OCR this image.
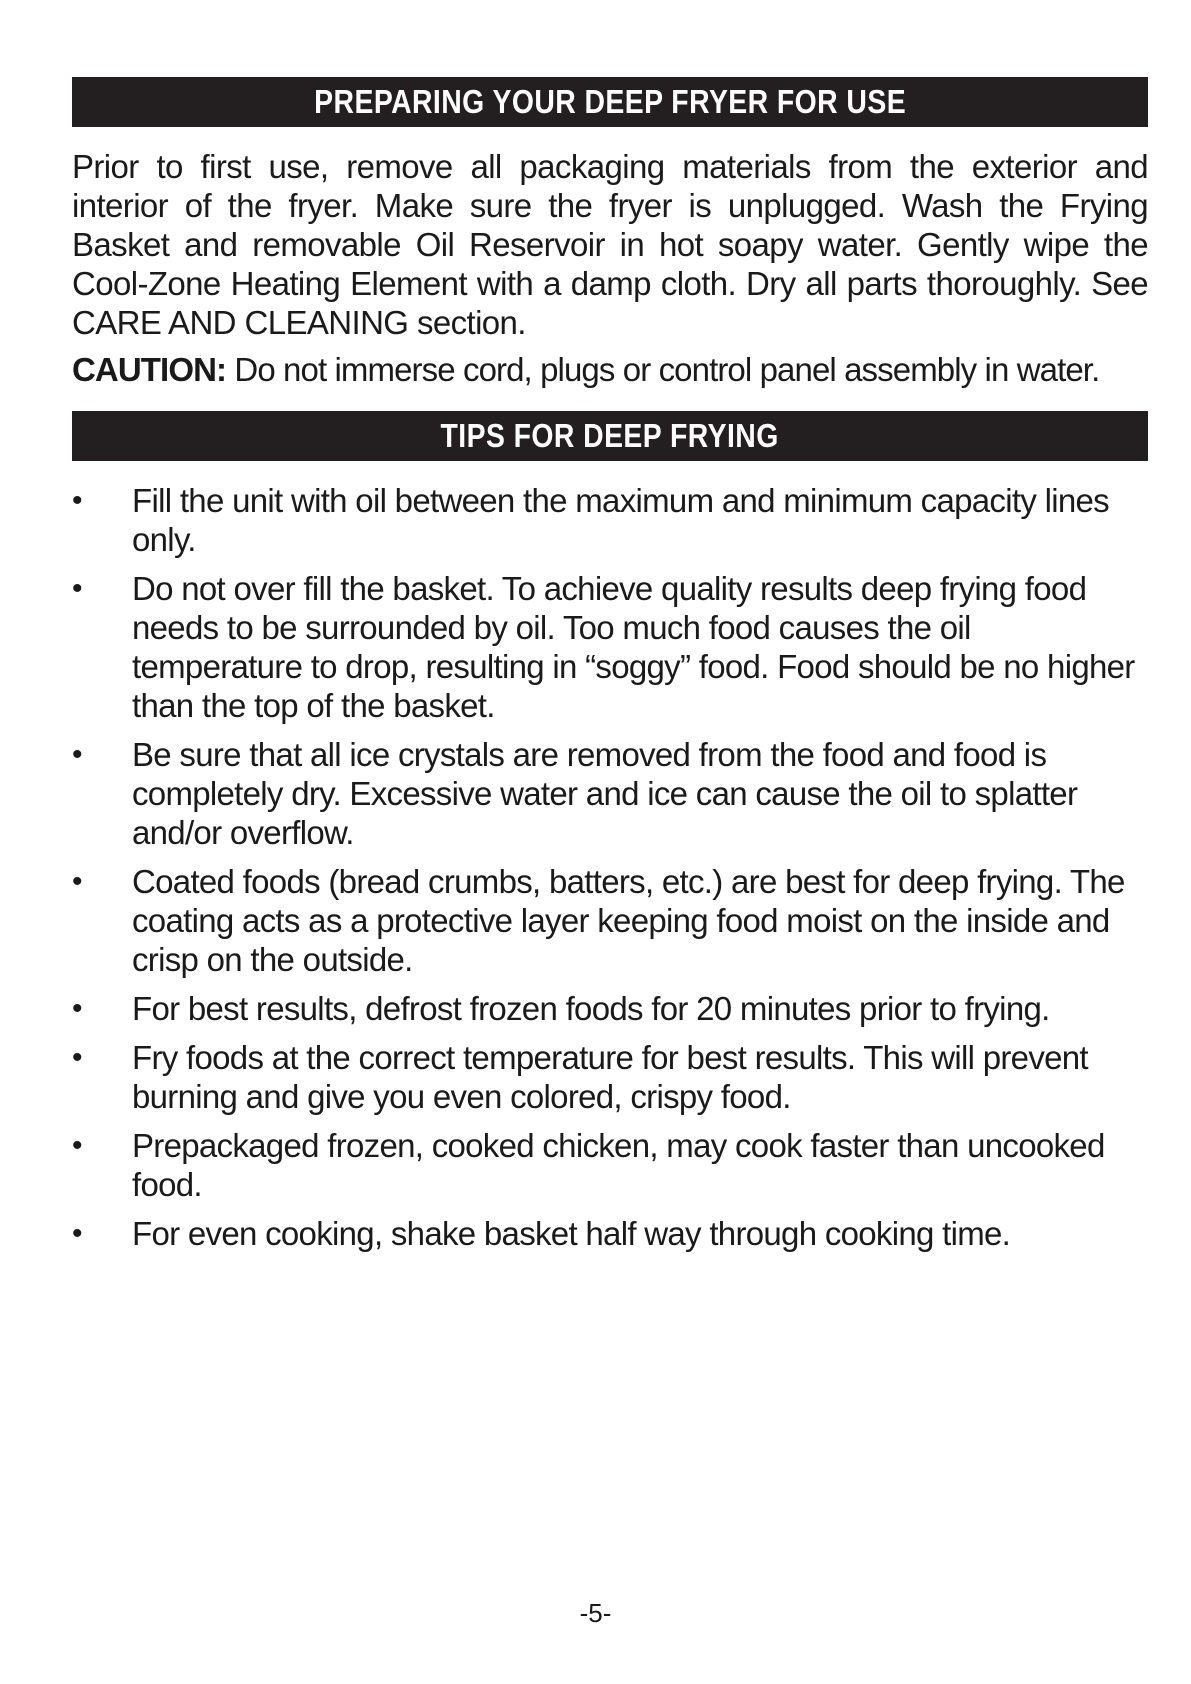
PREPARING YOUR DEEP FRYER FOR USE

Prior to first use, remove all packaging materials from the exterior and interior of the fryer. Make sure the fryer is unplugged. Wash the Frying Basket and removable Oil Reservoir in hot soapy water. Gently wipe the Cool-Zone Heating Element with a damp cloth. Dry all parts thoroughly. See CARE AND CLEANING section.

CAUTION: Do not immerse cord, plugs or control panel assembly in water.

TIPS FOR DEEP FRYING
•	Fill the unit with oil between the maximum and minimum capacity lines only.
•	Do not over fill the basket. To achieve quality results deep frying food needs to be surrounded by oil. Too much food causes the oil temperature to drop, resulting in “soggy” food. Food should be no higher than the top of the basket.
•	Be sure that all ice crystals are removed from the food and food is completely dry. Excessive water and ice can cause the oil to splatter and/or overflow.
•	Coated foods (bread crumbs, batters, etc.) are best for deep frying. The coating acts as a protective layer keeping food moist on the inside and crisp on the outside.
•	For best results, defrost frozen foods for 20 minutes prior to frying.
•	Fry foods at the correct temperature for best results. This will prevent burning and give you even colored, crispy food.
•	Prepackaged frozen, cooked chicken, may cook faster than uncooked food.
•	For even cooking, shake basket half way through cooking time.
-5-
